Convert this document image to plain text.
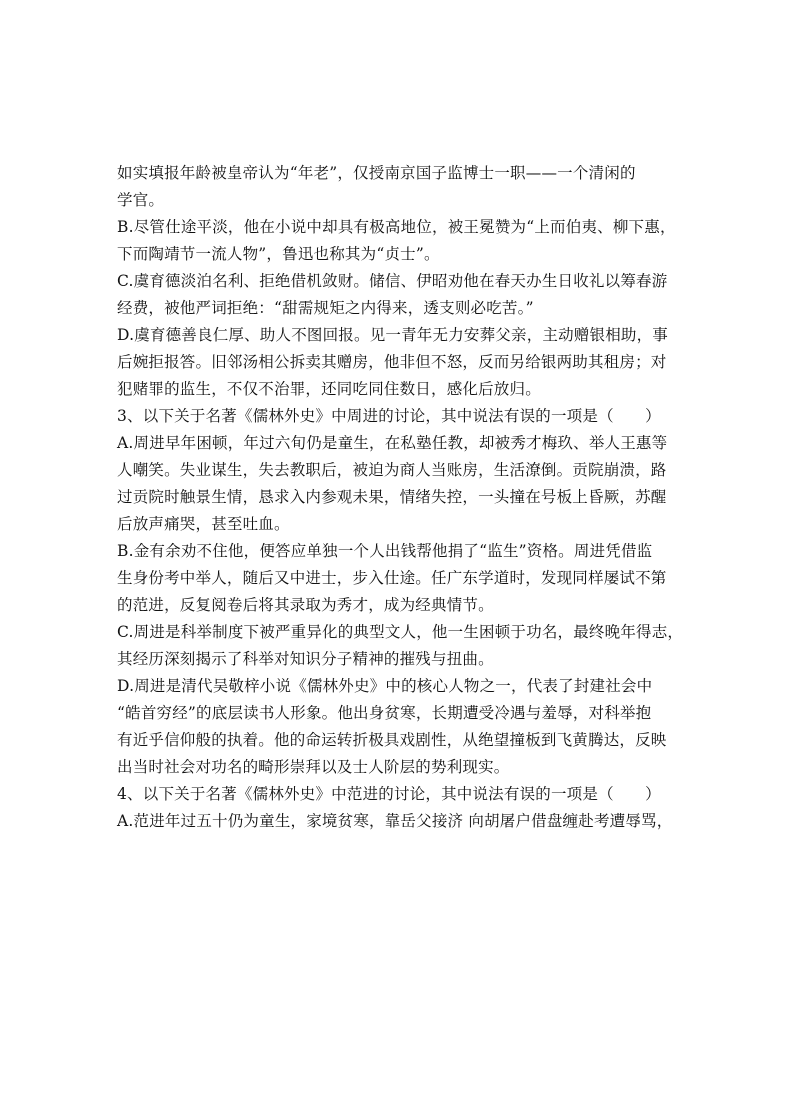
如实填报年龄被皇帝认为“年老”，仅授南京国子监博士一职——一个清闲的
学官。
B.尽管仕途平淡，他在小说中却具有极高地位，被王冕赞为“上而伯夷、柳下惠，
下而陶靖节一流人物”，鲁迅也称其为“贞士”。
C.虞育德淡泊名利、拒绝借机敛财。储信、伊昭劝他在春天办生日收礼以筹春游
经费，被他严词拒绝：“甜需规矩之内得来，透支则必吃苦。”
D.虞育德善良仁厚、助人不图回报。见一青年无力安葬父亲，主动赠银相助，事
后婉拒报答。旧邻汤相公拆卖其赠房，他非但不怒，反而另给银两助其租房；对
犯赌罪的监生，不仅不治罪，还同吃同住数日，感化后放归。
3、以下关于名著《儒林外史》中周进的讨论，其中说法有误的一项是（　　）
A.周进早年困顿，年过六旬仍是童生，在私塾任教，却被秀才梅玖、举人王惠等
人嘲笑。失业谋生，失去教职后，被迫为商人当账房，生活潦倒。贡院崩溃，路
过贡院时触景生情，恳求入内参观未果，情绪失控，一头撞在号板上昏厥，苏醒
后放声痛哭，甚至吐血。
B.金有余劝不住他，便答应单独一个人出钱帮他捐了“监生”资格。周进凭借监
生身份考中举人，随后又中进士，步入仕途。任广东学道时，发现同样屡试不第
的范进，反复阅卷后将其录取为秀才，成为经典情节。
C.周进是科举制度下被严重异化的典型文人，他一生困顿于功名，最终晚年得志，
其经历深刻揭示了科举对知识分子精神的摧残与扭曲。
D.周进是清代吴敬梓小说《儒林外史》中的核心人物之一，代表了封建社会中
“皓首穷经”的底层读书人形象。他出身贫寒，长期遭受冷遇与羞辱，对科举抱
有近乎信仰般的执着。他的命运转折极具戏剧性，从绝望撞板到飞黄腾达，反映
出当时社会对功名的畸形崇拜以及士人阶层的势利现实。
4、以下关于名著《儒林外史》中范进的讨论，其中说法有误的一项是（　　）
A.范进年过五十仍为童生，家境贫寒，靠岳父接济 向胡屠户借盘缠赴考遭辱骂，
